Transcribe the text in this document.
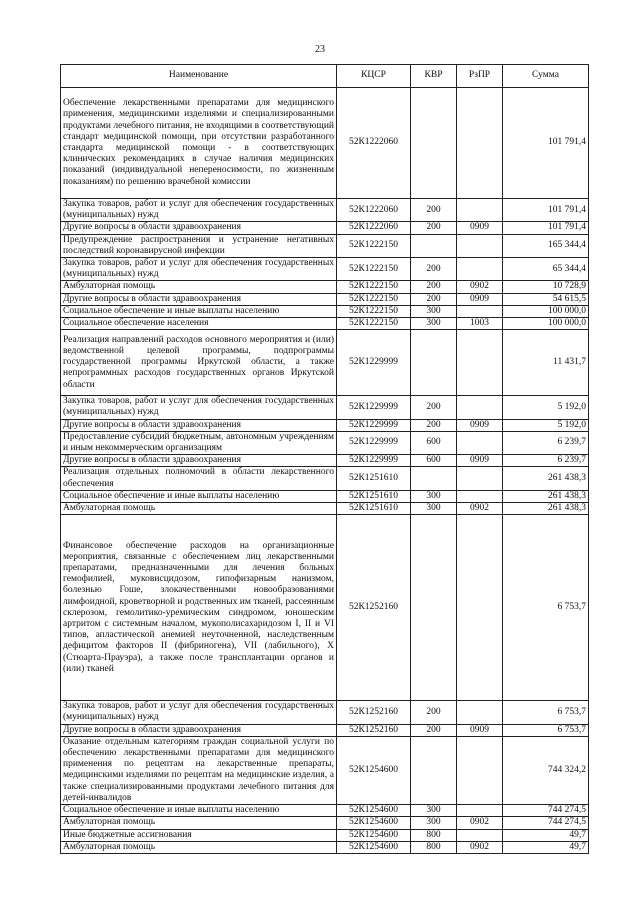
23
Наименование	КЦСР	КВР	РзПР	Сумма
Обеспечение лекарственными препаратами для медицинского применения, медицинскими изделиями и специализированными продуктами лечебного питания, не входящими в соответствующий стандарт медицинской помощи, при отсутствии разработанного стандарта медицинской помощи - в соответствующих клинических рекомендациях в случае наличия медицинских показаний (индивидуальной непереносимости, по жизненным показаниям) по решению врачебной комиссии	52К1222060			101 791,4
Закупка товаров, работ и услуг для обеспечения государственных (муниципальных) нужд	52К1222060	200		101 791,4
Другие вопросы в области здравоохранения	52К1222060	200	0909	101 791,4
Предупреждение распространения и устранение негативных последствий коронавирусной инфекции	52К1222150			165 344,4
Закупка товаров, работ и услуг для обеспечения государственных (муниципальных) нужд	52К1222150	200		65 344,4
Амбулаторная помощь	52К1222150	200	0902	10 728,9
Другие вопросы в области здравоохранения	52К1222150	200	0909	54 615,5
Социальное обеспечение и иные выплаты населению	52К1222150	300		100 000,0
Социальное обеспечение населения	52К1222150	300	1003	100 000,0
Реализация направлений расходов основного мероприятия и (или) ведомственной целевой программы, подпрограммы государственной программы Иркутской области, а также непрограммных расходов государственных органов Иркутской области	52К1229999			11 431,7
Закупка товаров, работ и услуг для обеспечения государственных (муниципальных) нужд	52К1229999	200		5 192,0
Другие вопросы в области здравоохранения	52К1229999	200	0909	5 192,0
Предоставление субсидий бюджетным, автономным учреждениям и иным некоммерческим организациям	52К1229999	600		6 239,7
Другие вопросы в области здравоохранения	52К1229999	600	0909	6 239,7
Реализация отдельных полномочий в области лекарственного обеспечения	52К1251610			261 438,3
Социальное обеспечение и иные выплаты населению	52К1251610	300		261 438,3
Амбулаторная помощь	52К1251610	300	0902	261 438,3
Финансовое обеспечение расходов на организационные мероприятия, связанные с обеспечением лиц лекарственными препаратами, предназначенными для лечения больных гемофилией, муковисцидозом, гипофизарным нанизмом, болезнью Гоше, злокачественными новообразованиями лимфоидной, кроветворной и родственных им тканей, рассеянным склерозом, гемолитико-уремическим синдромом, юношеским артритом с системным началом, мукополисахаридозом I, II и VI типов, апластической анемией неуточненной, наследственным дефицитом факторов II (фибриногена), VII (лабильного), X (Стюарта-Прауэра), а также после трансплантации органов и (или) тканей	52К1252160			6 753,7
Закупка товаров, работ и услуг для обеспечения государственных (муниципальных) нужд	52К1252160	200		6 753,7
Другие вопросы в области здравоохранения	52К1252160	200	0909	6 753,7
Оказание отдельным категориям граждан социальной услуги по обеспечению лекарственными препаратами для медицинского применения по рецептам на лекарственные препараты, медицинскими изделиями по рецептам на медицинские изделия, а также специализированными продуктами лечебного питания для детей-инвалидов	52К1254600			744 324,2
Социальное обеспечение и иные выплаты населению	52К1254600	300		744 274,5
Амбулаторная помощь	52К1254600	300	0902	744 274,5
Иные бюджетные ассигнования	52К1254600	800		49,7
Амбулаторная помощь	52К1254600	800	0902	49,7
